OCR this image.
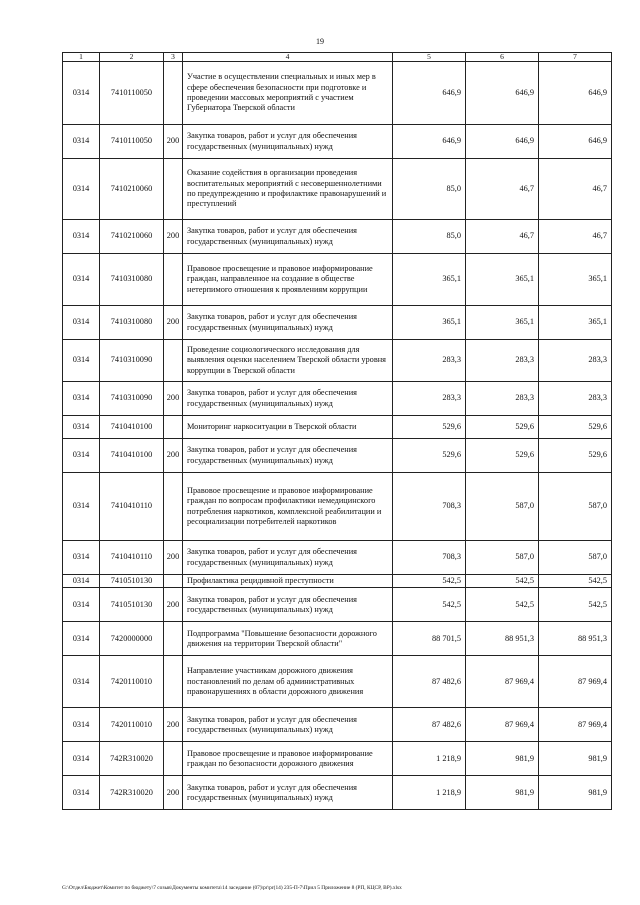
19
1	2	3	4	5	6	7
0314	7410110050		Участие в осуществлении специальных и иных мер в сфере обеспечения безопасности при подготовке и проведении массовых мероприятий с участием Губернатора Тверской области	646,9	646,9	646,9
0314	7410110050	200	Закупка товаров, работ и услуг для обеспечения государственных (муниципальных) нужд	646,9	646,9	646,9
0314	7410210060		Оказание содействия в организации проведения воспитательных мероприятий с несовершеннолетними по предупреждению и профилактике правонарушений и преступлений	85,0	46,7	46,7
0314	7410210060	200	Закупка товаров, работ и услуг для обеспечения государственных (муниципальных) нужд	85,0	46,7	46,7
0314	7410310080		Правовое просвещение и правовое информирование граждан, направленное на создание в обществе нетерпимого отношения к проявлениям коррупции	365,1	365,1	365,1
0314	7410310080	200	Закупка товаров, работ и услуг для обеспечения государственных (муниципальных) нужд	365,1	365,1	365,1
0314	7410310090		Проведение социологического исследования для выявления оценки населением Тверской области уровня коррупции в Тверской области	283,3	283,3	283,3
0314	7410310090	200	Закупка товаров, работ и услуг для обеспечения государственных (муниципальных) нужд	283,3	283,3	283,3
0314	7410410100		Мониторинг наркоситуации в Тверской области	529,6	529,6	529,6
0314	7410410100	200	Закупка товаров, работ и услуг для обеспечения государственных (муниципальных) нужд	529,6	529,6	529,6
0314	7410410110		Правовое просвещение и правовое информирование граждан по вопросам профилактики немедицинского потребления наркотиков, комплексной реабилитации и ресоциализации потребителей наркотиков	708,3	587,0	587,0
0314	7410410110	200	Закупка товаров, работ и услуг для обеспечения государственных (муниципальных) нужд	708,3	587,0	587,0
0314	7410510130		Профилактика рецидивной преступности	542,5	542,5	542,5
0314	7410510130	200	Закупка товаров, работ и услуг для обеспечения государственных (муниципальных) нужд	542,5	542,5	542,5
0314	7420000000		Подпрограмма "Повышение безопасности дорожного движения на территории Тверской области"	88 701,5	88 951,3	88 951,3
0314	7420110010		Направление участникам дорожного движения постановлений по делам об административных правонарушениях в области дорожного движения	87 482,6	87 969,4	87 969,4
0314	7420110010	200	Закупка товаров, работ и услуг для обеспечения государственных (муниципальных) нужд	87 482,6	87 969,4	87 969,4
0314	742R310020		Правовое просвещение и правовое информирование граждан по безопасности дорожного движения	1 218,9	981,9	981,9
0314	742R310020	200	Закупка товаров, работ и услуг для обеспечения государственных (муниципальных) нужд	1 218,9	981,9	981,9
G:\Отдел\Бюджет\Комитет по бюджету\7 созыв\Документы комитета\14 заседание (07)\pr\pr(14) 235-П-7\Прил 5 Приложение 8 (РП, КЦСР, ВР).xlsx
